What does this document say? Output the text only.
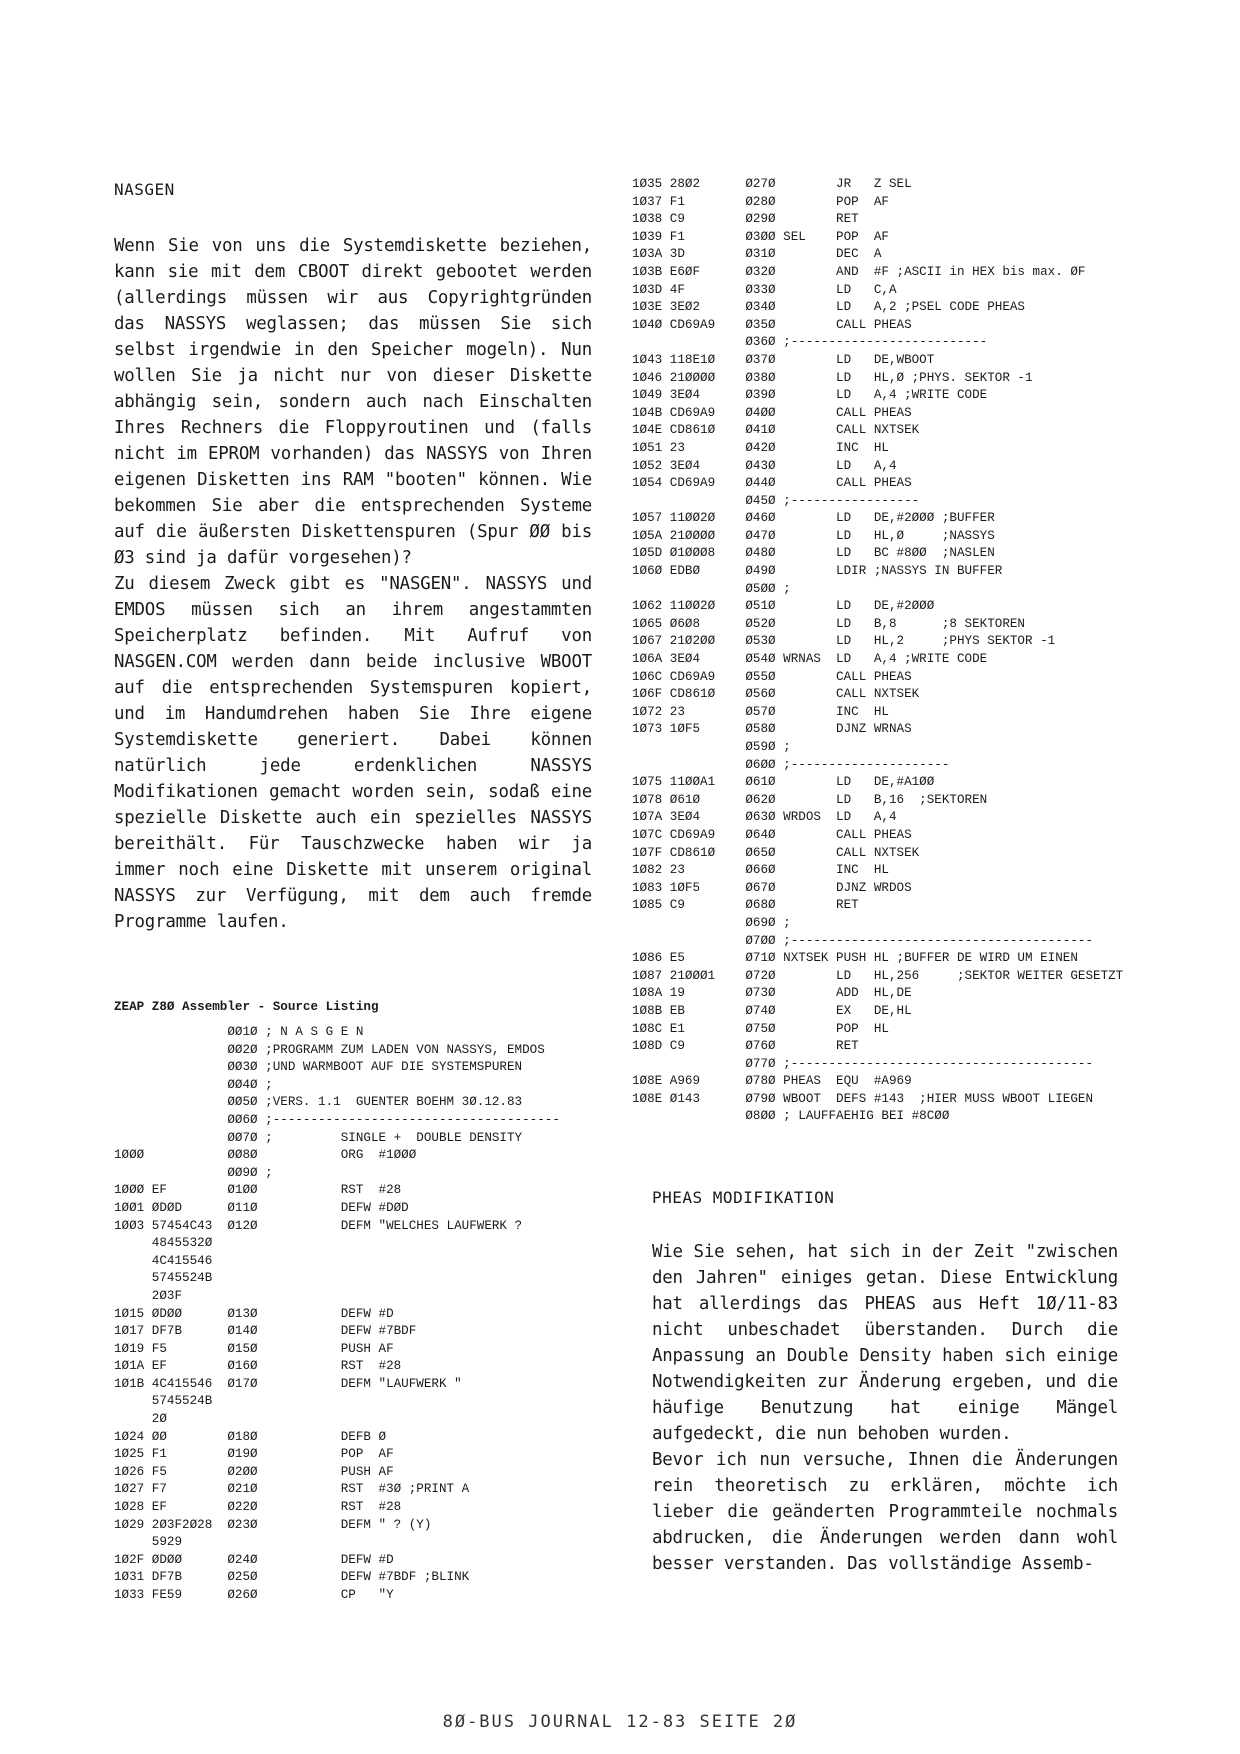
NASGEN

Wenn Sie von uns die Systemdiskette beziehen, kann sie mit dem CBOOT direkt gebootet werden (allerdings müssen wir aus Copyrightgründen das NASSYS weglassen; das müssen Sie sich selbst irgendwie in den Speicher mogeln). Nun wollen Sie ja nicht nur von dieser Diskette abhängig sein, sondern auch nach Einschalten Ihres Rechners die Floppyroutinen und (falls nicht im EPROM vorhanden) das NASSYS von Ihren eigenen Disketten ins RAM "booten" können. Wie bekommen Sie aber die entsprechenden Systeme auf die äußersten Diskettenspuren (Spur ØØ bis Ø3 sind ja dafür vorgesehen)?

Zu diesem Zweck gibt es "NASGEN". NASSYS und EMDOS müssen sich an ihrem angestammten Speicherplatz befinden. Mit Aufruf von NASGEN.COM werden dann beide inclusive WBOOT auf die entsprechenden Systemspuren kopiert, und im Handumdrehen haben Sie Ihre eigene Systemdiskette generiert. Dabei können natürlich jede erdenklichen NASSYS Modifikationen gemacht worden sein, sodaß eine spezielle Diskette auch ein spezielles NASSYS bereithält. Für Tauschzwecke haben wir ja immer noch eine Diskette mit unserem original NASSYS zur Verfügung, mit dem auch fremde Programme laufen.

ZEAP Z8Ø Assembler - Source Listing
ØØ1Ø ; N A S G E N
ØØ2Ø ;PROGRAMM ZUM LADEN VON NASSYS, EMDOS
ØØ3Ø ;UND WARMBOOT AUF DIE SYSTEMSPUREN
ØØ4Ø ;
ØØ5Ø ;VERS. 1.1  GUENTER BOEHM 3Ø.12.83
ØØ6Ø ;--------------------------------------
ØØ7Ø ;         SINGLE +  DOUBLE DENSITY
1ØØØ           ØØ8Ø           ORG  #1ØØØ
ØØ9Ø ;
1ØØØ EF        Ø1ØØ           RST  #28
1ØØ1 ØDØD      Ø11Ø           DEFW #DØD
1ØØ3 57454C43  Ø12Ø           DEFM "WELCHES LAUFWERK ?
4845532Ø
4C415546
5745524B
2Ø3F
1Ø15 ØDØØ      Ø13Ø           DEFW #D
1Ø17 DF7B      Ø14Ø           DEFW #7BDF
1Ø19 F5        Ø15Ø           PUSH AF
1Ø1A EF        Ø16Ø           RST  #28
1Ø1B 4C415546  Ø17Ø           DEFM "LAUFWERK "
5745524B
2Ø
1Ø24 ØØ        Ø18Ø           DEFB Ø
1Ø25 F1        Ø19Ø           POP  AF
1Ø26 F5        Ø2ØØ           PUSH AF
1Ø27 F7        Ø21Ø           RST  #3Ø ;PRINT A
1Ø28 EF        Ø22Ø           RST  #28
1Ø29 2Ø3F2Ø28  Ø23Ø           DEFM " ? (Y)
5929
1Ø2F ØDØØ      Ø24Ø           DEFW #D
1Ø31 DF7B      Ø25Ø           DEFW #7BDF ;BLINK
1Ø33 FE59      Ø26Ø           CP   "Y
1Ø35 28Ø2      Ø27Ø        JR   Z SEL
1Ø37 F1        Ø28Ø        POP  AF
1Ø38 C9        Ø29Ø        RET
1Ø39 F1        Ø3ØØ SEL    POP  AF
1Ø3A 3D        Ø31Ø        DEC  A
1Ø3B E6ØF      Ø32Ø        AND  #F ;ASCII in HEX bis max. ØF
1Ø3D 4F        Ø33Ø        LD   C,A
1Ø3E 3EØ2      Ø34Ø        LD   A,2 ;PSEL CODE PHEAS
1Ø4Ø CD69A9    Ø35Ø        CALL PHEAS
Ø36Ø ;--------------------------
1Ø43 118E1Ø    Ø37Ø        LD   DE,WBOOT
1Ø46 21ØØØØ    Ø38Ø        LD   HL,Ø ;PHYS. SEKTOR -1
1Ø49 3EØ4      Ø39Ø        LD   A,4 ;WRITE CODE
1Ø4B CD69A9    Ø4ØØ        CALL PHEAS
1Ø4E CD861Ø    Ø41Ø        CALL NXTSEK
1Ø51 23        Ø42Ø        INC  HL
1Ø52 3EØ4      Ø43Ø        LD   A,4
1Ø54 CD69A9    Ø44Ø        CALL PHEAS
Ø45Ø ;-----------------
1Ø57 11ØØ2Ø    Ø46Ø        LD   DE,#2ØØØ ;BUFFER
1Ø5A 21ØØØØ    Ø47Ø        LD   HL,Ø     ;NASSYS
1Ø5D Ø1ØØØ8    Ø48Ø        LD   BC #8ØØ  ;NASLEN
1Ø6Ø EDBØ      Ø49Ø        LDIR ;NASSYS IN BUFFER
Ø5ØØ ;
1Ø62 11ØØ2Ø    Ø51Ø        LD   DE,#2ØØØ
1Ø65 Ø6Ø8      Ø52Ø        LD   B,8      ;8 SEKTOREN
1Ø67 21Ø2ØØ    Ø53Ø        LD   HL,2     ;PHYS SEKTOR -1
1Ø6A 3EØ4      Ø54Ø WRNAS  LD   A,4 ;WRITE CODE
1Ø6C CD69A9    Ø55Ø        CALL PHEAS
1Ø6F CD861Ø    Ø56Ø        CALL NXTSEK
1Ø72 23        Ø57Ø        INC  HL
1Ø73 1ØF5      Ø58Ø        DJNZ WRNAS
Ø59Ø ;
Ø6ØØ ;---------------------
1Ø75 11ØØA1    Ø61Ø        LD   DE,#A1ØØ
1Ø78 Ø61Ø      Ø62Ø        LD   B,16  ;SEKTOREN
1Ø7A 3EØ4      Ø63Ø WRDOS  LD   A,4
1Ø7C CD69A9    Ø64Ø        CALL PHEAS
1Ø7F CD861Ø    Ø65Ø        CALL NXTSEK
1Ø82 23        Ø66Ø        INC  HL
1Ø83 1ØF5      Ø67Ø        DJNZ WRDOS
1Ø85 C9        Ø68Ø        RET
Ø69Ø ;
Ø7ØØ ;----------------------------------------
1Ø86 E5        Ø71Ø NXTSEK PUSH HL ;BUFFER DE WIRD UM EINEN
1Ø87 21ØØØ1    Ø72Ø        LD   HL,256     ;SEKTOR WEITER GESETZT
1Ø8A 19        Ø73Ø        ADD  HL,DE
1Ø8B EB        Ø74Ø        EX   DE,HL
1Ø8C E1        Ø75Ø        POP  HL
1Ø8D C9        Ø76Ø        RET
Ø77Ø ;----------------------------------------
1Ø8E A969      Ø78Ø PHEAS  EQU  #A969
1Ø8E Ø143      Ø79Ø WBOOT  DEFS #143  ;HIER MUSS WBOOT LIEGEN
Ø8ØØ ; LAUFFAEHIG BEI #8CØØ
PHEAS MODIFIKATION

Wie Sie sehen, hat sich in der Zeit "zwischen den Jahren" einiges getan. Diese Entwicklung hat allerdings das PHEAS aus Heft 1Ø/11-83 nicht unbeschadet überstanden. Durch die Anpassung an Double Density haben sich einige Notwendigkeiten zur Änderung ergeben, und die häufige Benutzung hat einige Mängel aufgedeckt, die nun behoben wurden.

Bevor ich nun versuche, Ihnen die Änderungen rein theoretisch zu erklären, möchte ich lieber die geänderten Programmteile nochmals abdrucken, die Änderungen werden dann wohl besser verstanden. Das vollständige Assemb-

8Ø-BUS JOURNAL 12-83 SEITE 2Ø
